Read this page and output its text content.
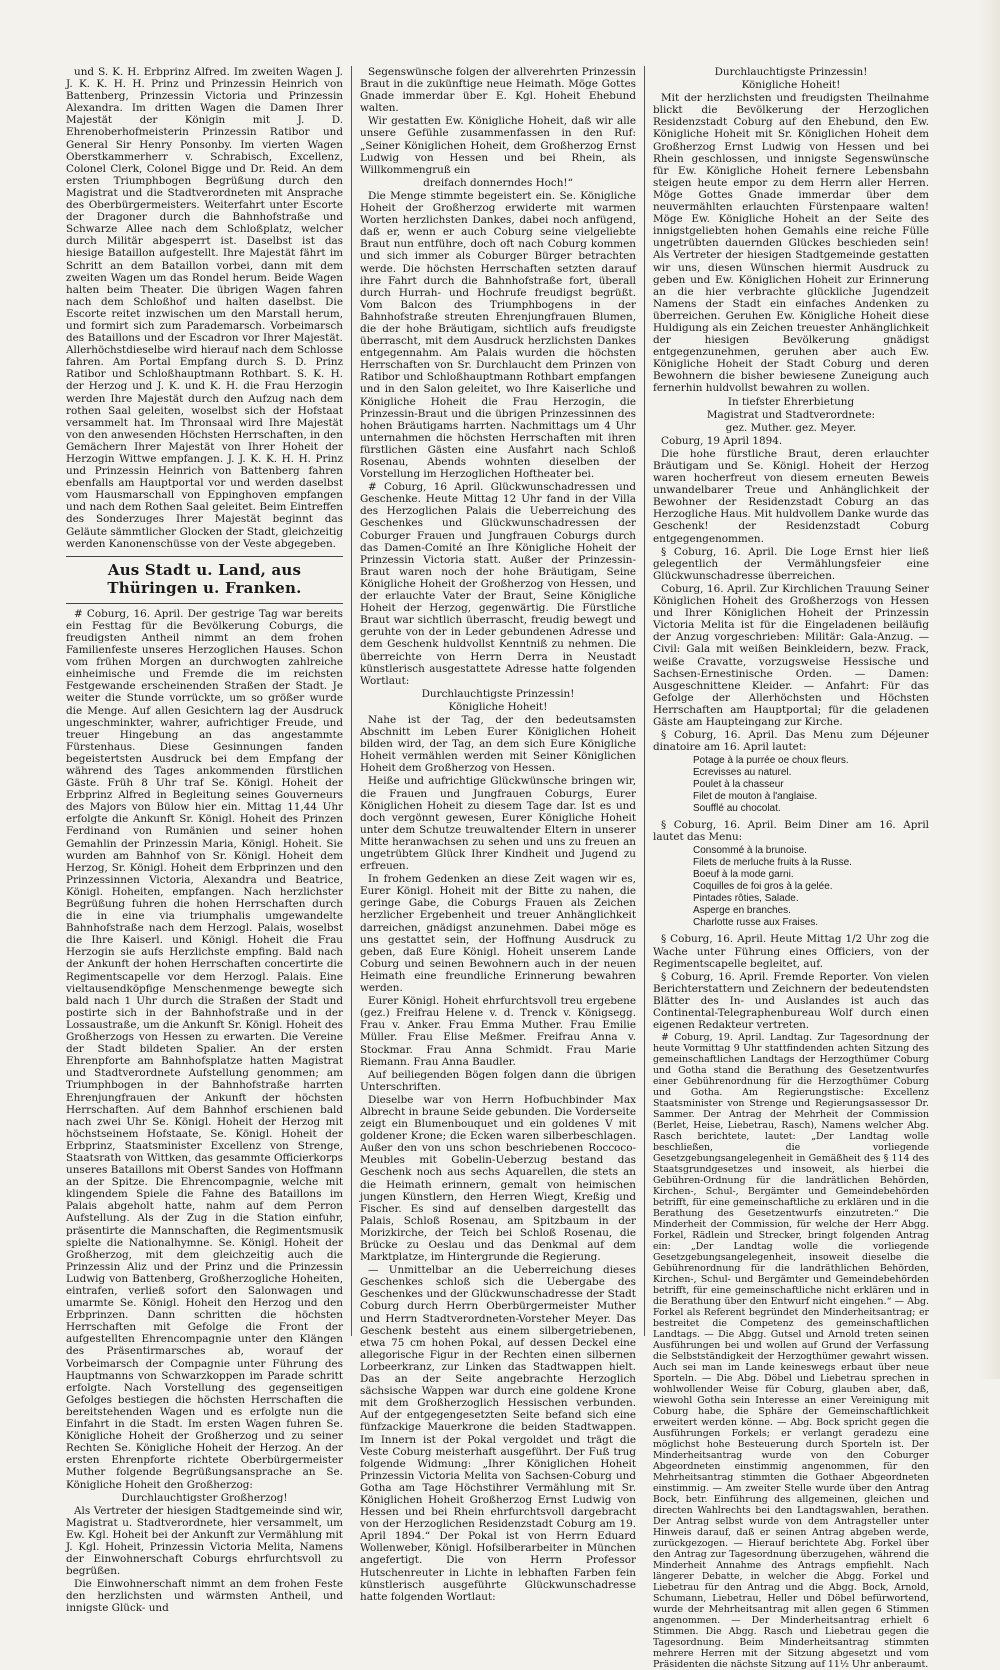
und S. K. H. Erbprinz Alfred. Im zweiten Wagen J. J. K. K. H. H. Prinz und Prinzessin Heinrich von Battenberg, Prinzessin Victoria und Prinzessin Alexandra. Im dritten Wagen die Damen Ihrer Majestät der Königin mit J. D. Ehrenoberhofmeisterin Prinzessin Ratibor und General Sir Henry Ponsonby. Im vierten Wagen Oberstkammerherr v. Schrabisch, Excellenz, Colonel Clerk, Colonel Bigge und Dr. Reid. An dem ersten Triumphbogen Begrüßung durch den Magistrat und die Stadtverordneten mit Ansprache des Oberbürgermeisters. Weiterfahrt unter Escorte der Dragoner durch die Bahnhofstraße und Schwarze Allee nach dem Schloßplatz, welcher durch Militär abgesperrt ist. Daselbst ist das hiesige Bataillon aufgestellt. Ihre Majestät fährt im Schritt an dem Bataillon vorbei, dann mit dem zweiten Wagen um das Rondel herum. Beide Wagen halten beim Theater. Die übrigen Wagen fahren nach dem Schloßhof und halten daselbst. Die Escorte reitet inzwischen um den Marstall herum, und formirt sich zum Parademarsch. Vorbeimarsch des Bataillons und der Escadron vor Ihrer Majestät. Allerhöchstdieselbe wird hierauf nach dem Schlosse fahren. Am Portal Empfang durch S. D. Prinz Ratibor und Schloßhauptmann Rothbart. S. K. H. der Herzog und J. K. und K. H. die Frau Herzogin werden Ihre Majestät durch den Aufzug nach dem rothen Saal geleiten, woselbst sich der Hofstaat versammelt hat. Im Thronsaal wird Ihre Majestät von den anwesenden Höchsten Herrschaften, in den Gemächern Ihrer Majestät von Ihrer Hoheit der Herzogin Wittwe empfangen. J. J. K. K. H. H. Prinz und Prinzessin Heinrich von Battenberg fahren ebenfalls am Hauptportal vor und werden daselbst vom Hausmarschall von Eppinghoven empfangen und nach dem Rothen Saal geleitet. Beim Eintreffen des Sonderzuges Ihrer Majestät beginnt das Geläute sämmtlicher Glocken der Stadt, gleichzeitig werden Kanonenschüsse von der Veste abgegeben.

Aus Stadt u. Land, aus Thüringen u. Franken.

# Coburg, 16. April. Der gestrige Tag war bereits ein Festtag für die Bevölkerung Coburgs, die freudigsten Antheil nimmt an dem frohen Familienfeste unseres Herzoglichen Hauses. Schon vom frühen Morgen an durchwogten zahlreiche einheimische und Fremde die im reichsten Festgewande erscheinenden Straßen der Stadt. Je weiter die Stunde vorrückte, um so größer wurde die Menge. Auf allen Gesichtern lag der Ausdruck ungeschminkter, wahrer, aufrichtiger Freude, und treuer Hingebung an das angestammte Fürstenhaus. Diese Gesinnungen fanden begeistertsten Ausdruck bei dem Empfang der während des Tages ankommenden fürstlichen Gäste. Früh 8 Uhr traf Se. Königl. Hoheit der Erbprinz Alfred in Begleitung seines Gouverneurs des Majors von Bülow hier ein. Mittag 11,44 Uhr erfolgte die Ankunft Sr. Königl. Hoheit des Prinzen Ferdinand von Rumänien und seiner hohen Gemahlin der Prinzessin Maria, Königl. Hoheit. Sie wurden am Bahnhof von Sr. Königl. Hoheit dem Herzog, Sr. Königl. Hoheit dem Erbprinzen und den Prinzessinnen Victoria, Alexandra und Beatrice, Königl. Hoheiten, empfangen. Nach herzlichster Begrüßung fuhren die hohen Herrschaften durch die in eine via triumphalis umgewandelte Bahnhofstraße nach dem Herzogl. Palais, woselbst die Ihre Kaiserl. und Königl. Hoheit die Frau Herzogin sie aufs Herzlichste empfing. Bald nach der Ankunft der hohen Herrschaften concertirte die Regimentscapelle vor dem Herzogl. Palais. Eine vieltausendköpfige Menschenmenge bewegte sich bald nach 1 Uhr durch die Straßen der Stadt und postirte sich in der Bahnhofstraße und in der Lossaustraße, um die Ankunft Sr. Königl. Hoheit des Großherzogs von Hessen zu erwarten. Die Vereine der Stadt bildeten Spalier. An der ersten Ehrenpforte am Bahnhofsplatze hatten Magistrat und Stadtverordnete Aufstellung genommen; am Triumphbogen in der Bahnhofstraße harrten Ehrenjungfrauen der Ankunft der höchsten Herrschaften. Auf dem Bahnhof erschienen bald nach zwei Uhr Se. Königl. Hoheit der Herzog mit höchstseinem Hofstaate, Se. Königl. Hoheit der Erbprinz, Staatsminister Excellenz von Strenge, Staatsrath von Wittken, das gesammte Officierkorps unseres Bataillons mit Oberst Sandes von Hoffmann an der Spitze. Die Ehrencompagnie, welche mit klingendem Spiele die Fahne des Bataillons im Palais abgeholt hatte, nahm auf dem Perron Aufstellung. Als der Zug in die Station einfuhr, präsentirte die Mannschaften, die Regimentsmusik spielte die Nationalhymne. Se. Königl. Hoheit der Großherzog, mit dem gleichzeitig auch die Prinzessin Aliz und der Prinz und die Prinzessin Ludwig von Battenberg, Großherzogliche Hoheiten, eintrafen, verließ sofort den Salonwagen und umarmte Se. Königl. Hoheit den Herzog und den Erbprinzen. Dann schritten die höchsten Herrschaften mit Gefolge die Front der aufgestellten Ehrencompagnie unter den Klängen des Präsentirmarsches ab, worauf der Vorbeimarsch der Compagnie unter Führung des Hauptmanns von Schwarzkoppen im Parade schritt erfolgte. Nach Vorstellung des gegenseitigen Gefolges bestiegen die höchsten Herrschaften die bereitstehenden Wagen und es erfolgte nun die Einfahrt in die Stadt. Im ersten Wagen fuhren Se. Königliche Hoheit der Großherzog und zu seiner Rechten Se. Königliche Hoheit der Herzog. An der ersten Ehrenpforte richtete Oberbürgermeister Muther folgende Begrüßungsansprache an Se. Königliche Hoheit den Großherzog:

Durchlauchtigster Großherzog!

Als Vertreter der hiesigen Stadtgemeinde sind wir, Magistrat u. Stadtverordnete, hier versammelt, um Ew. Kgl. Hoheit bei der Ankunft zur Vermählung mit J. Kgl. Hoheit, Prinzessin Victoria Melita, Namens der Einwohnerschaft Coburgs ehrfurchtsvoll zu begrüßen.

Die Einwohnerschaft nimmt an dem frohen Feste den herzlichsten und wärmsten Antheil, und innigste Glück- und

Segenswünsche folgen der allverehrten Prinzessin Braut in die zukünftige neue Heimath. Möge Gottes Gnade immerdar über E. Kgl. Hoheit Ehebund walten.

Wir gestatten Ew. Königliche Hoheit, daß wir alle unsere Gefühle zusammenfassen in den Ruf: „Seiner Königlichen Hoheit, dem Großherzog Ernst Ludwig von Hessen und bei Rhein, als Willkommengruß ein

dreifach donnerndes Hoch!“

Die Menge stimmte begeistert ein. Se. Königliche Hoheit der Großherzog erwiderte mit warmen Worten herzlichsten Dankes, dabei noch anfügend, daß er, wenn er auch Coburg seine vielgeliebte Braut nun entführe, doch oft nach Coburg kommen und sich immer als Coburger Bürger betrachten werde. Die höchsten Herrschaften setzten darauf ihre Fahrt durch die Bahnhofstraße fort, überall durch Hurrah- und Hochrufe freudigst begrüßt. Vom Balcon des Triumphbogens in der Bahnhofstraße streuten Ehrenjungfrauen Blumen, die der hohe Bräutigam, sichtlich aufs freudigste überrascht, mit dem Ausdruck herzlichsten Dankes entgegennahm. Am Palais wurden die höchsten Herrschaften von Sr. Durchlaucht dem Prinzen von Ratibor und Schloßhauptmann Rothbart empfangen und in den Salon geleitet, wo Ihre Kaiserliche und Königliche Hoheit die Frau Herzogin, die Prinzessin-Braut und die übrigen Prinzessinnen des hohen Bräutigams harrten. Nachmittags um 4 Uhr unternahmen die höchsten Herrschaften mit ihren fürstlichen Gästen eine Ausfahrt nach Schloß Rosenau, Abends wohnten dieselben der Vorstellung im Herzoglichen Hoftheater bei.

# Coburg, 16 April. Glückwunschadressen und Geschenke. Heute Mittag 12 Uhr fand in der Villa des Herzoglichen Palais die Ueberreichung des Geschenkes und Glückwunschadressen der Coburger Frauen und Jungfrauen Coburgs durch das Damen-Comité an Ihre Königliche Hoheit der Prinzessin Victoria statt. Außer der Prinzessin-Braut waren noch der hohe Bräutigam, Seine Königliche Hoheit der Großherzog von Hessen, und der erlauchte Vater der Braut, Seine Königliche Hoheit der Herzog, gegenwärtig. Die Fürstliche Braut war sichtlich überrascht, freudig bewegt und geruhte von der in Leder gebundenen Adresse und dem Geschenk huldvollst Kenntniß zu nehmen. Die überreichte von Herrn Derra in Neustadt künstlerisch ausgestattete Adresse hatte folgenden Wortlaut:

Durchlauchtigste Prinzessin!

Königliche Hoheit!

Nahe ist der Tag, der den bedeutsamsten Abschnitt im Leben Eurer Königlichen Hoheit bilden wird, der Tag, an dem sich Eure Königliche Hoheit vermählen werden mit Seiner Königlichen Hoheit dem Großherzog von Hessen.

Heiße und aufrichtige Glückwünsche bringen wir, die Frauen und Jungfrauen Coburgs, Eurer Königlichen Hoheit zu diesem Tage dar. Ist es und doch vergönnt gewesen, Eurer Königliche Hoheit unter dem Schutze treuwaltender Eltern in unserer Mitte heranwachsen zu sehen und uns zu freuen an ungetrübtem Glück Ihrer Kindheit und Jugend zu erfreuen.

In frohem Gedenken an diese Zeit wagen wir es, Eurer Königl. Hoheit mit der Bitte zu nahen, die geringe Gabe, die Coburgs Frauen als Zeichen herzlicher Ergebenheit und treuer Anhänglichkeit darreichen, gnädigst anzunehmen. Dabei möge es uns gestattet sein, der Hoffnung Ausdruck zu geben, daß Eure Königl. Hoheit unserem Lande Coburg und seinen Bewohnern auch in der neuen Heimath eine freundliche Erinnerung bewahren werden.

Eurer Königl. Hoheit ehrfurchtsvoll treu ergebene (gez.) Freifrau Helene v. d. Trenck v. Königsegg. Frau v. Anker. Frau Emma Muther. Frau Emilie Müller. Frau Elise Meßmer. Freifrau Anna v. Stockmar. Frau Anna Schmidt. Frau Marie Riemann. Frau Anna Baudler.

Auf beiliegenden Bögen folgen dann die übrigen Unterschriften.

Dieselbe war von Herrn Hofbuchbinder Max Albrecht in braune Seide gebunden. Die Vorderseite zeigt ein Blumenbouquet und ein goldenes V mit goldener Krone; die Ecken waren silberbeschlagen. Außer den von uns schon beschriebenen Roccoco-Meubles mit Gobelin-Ueberzug bestand das Geschenk noch aus sechs Aquarellen, die stets an die Heimath erinnern, gemalt von heimischen jungen Künstlern, den Herren Wiegt, Kreßig und Fischer. Es sind auf denselben dargestellt das Palais, Schloß Rosenau, am Spitzbaum in der Morizkirche, der Teich bei Schloß Rosenau, die Brücke zu Oeslau und das Denkmal auf dem Marktplatze, im Hintergrunde die Regierung.

— Unmittelbar an die Ueberreichung dieses Geschenkes schloß sich die Uebergabe des Geschenkes und der Glückwunschadresse der Stadt Coburg durch Herrn Oberbürgermeister Muther und Herrn Stadtverordneten-Vorsteher Meyer. Das Geschenk besteht aus einem silbergetriebenen, etwa 75 cm hohen Pokal, auf dessen Deckel eine allegorische Figur in der Rechten einen silbernen Lorbeerkranz, zur Linken das Stadtwappen hielt. Das an der Seite angebrachte Herzoglich sächsische Wappen war durch eine goldene Krone mit dem Großherzoglich Hessischen verbunden. Auf der entgegengesetzten Seite befand sich eine fünfzackige Mauerkrone die beiden Stadtwappen. Im Innern ist der Pokal vergoldet und trägt die Veste Coburg meisterhaft ausgeführt. Der Fuß trug folgende Widmung: „Ihrer Königlichen Hoheit Prinzessin Victoria Melita von Sachsen-Coburg und Gotha am Tage Höchstihrer Vermählung mit Sr. Königlichen Hoheit Großherzog Ernst Ludwig von Hessen und bei Rhein ehrfurchtsvoll dargebracht von der Herzoglichen Residenzstadt Coburg am 19. April 1894.“ Der Pokal ist von Herrn Eduard Wollenweber, Königl. Hofsilberarbeiter in München angefertigt. Die von Herrn Professor Hutschenreuter in Lichte in lebhaften Farben fein künstlerisch ausgeführte Glückwunschadresse hatte folgenden Wortlaut:

Durchlauchtigste Prinzessin!

Königliche Hoheit!

Mit der herzlichsten und freudigsten Theilnahme blickt die Bevölkerung der Herzoglichen Residenzstadt Coburg auf den Ehebund, den Ew. Königliche Hoheit mit Sr. Königlichen Hoheit dem Großherzog Ernst Ludwig von Hessen und bei Rhein geschlossen, und innigste Segenswünsche für Ew. Königliche Hoheit fernere Lebensbahn steigen heute empor zu dem Herrn aller Herren. Möge Gottes Gnade immerdar über dem neuvermählten erlauchten Fürstenpaare walten! Möge Ew. Königliche Hoheit an der Seite des innigstgeliebten hohen Gemahls eine reiche Fülle ungetrübten dauernden Glückes beschieden sein! Als Vertreter der hiesigen Stadtgemeinde gestatten wir uns, diesen Wünschen hiermit Ausdruck zu geben und Ew. Königlichen Hoheit zur Erinnerung an die hier verbrachte glückliche Jugendzeit Namens der Stadt ein einfaches Andenken zu überreichen. Geruhen Ew. Königliche Hoheit diese Huldigung als ein Zeichen treuester Anhänglichkeit der hiesigen Bevölkerung gnädigst entgegenzunehmen, geruhen aber auch Ew. Königliche Hoheit der Stadt Coburg und deren Bewohnern die bisher bewiesene Zuneigung auch fernerhin huldvollst bewahren zu wollen.

In tiefster Ehrerbietung

Magistrat und Stadtverordnete:

gez. Muther. gez. Meyer.

Coburg, 19 April 1894.

Die hohe fürstliche Braut, deren erlauchter Bräutigam und Se. Königl. Hoheit der Herzog waren hocherfreut von diesem erneuten Beweis unwandelbarer Treue und Anhänglichkeit der Bewohner der Residenzstadt Coburg an das Herzogliche Haus. Mit huldvollem Danke wurde das Geschenk! der Residenzstadt Coburg entgegengenommen.

§ Coburg, 16. April. Die Loge Ernst hier ließ gelegentlich der Vermählungsfeier eine Glückwunschadresse überreichen.

Coburg, 16. April. Zur Kirchlichen Trauung Seiner Königlichen Hoheit des Großherzogs von Hessen und Ihrer Königlichen Hoheit der Prinzessin Victoria Melita ist für die Eingeladenen beiläufig der Anzug vorgeschrieben: Militär: Gala-Anzug. — Civil: Gala mit weißen Beinkleidern, bezw. Frack, weiße Cravatte, vorzugsweise Hessische und Sachsen-Ernestinische Orden. — Damen: Ausgeschnittene Kleider. — Anfahrt: Für das Gefolge der Allerhöchsten und Höchsten Herrschaften am Hauptportal; für die geladenen Gäste am Haupteingang zur Kirche.

§ Coburg, 16. April. Das Menu zum Déjeuner dinatoire am 16. April lautet:

Potage à la purrée oe choux fleurs.
Ecrevisses au naturel.
Poulet à la chasseur
Filet de mouton à l'anglaise.
Soufflé au chocolat.

§ Coburg, 16. April. Beim Diner am 16. April lautet das Menu:

Consommé à la brunoise.
Filets de merluche fruits à la Russe.
Boeuf à la mode garni.
Coquilles de foi gros à la gelée.
Pintades rôties, Salade.
Asperge en branches.
Charlotte russe aux Fraises.

§ Coburg, 16. April. Heute Mittag 1/2 Uhr zog die Wache unter Führung eines Officiers, von der Regimentscapelle begleitet, auf.

§ Coburg, 16. April. Fremde Reporter. Von vielen Berichterstattern und Zeichnern der bedeutendsten Blätter des In- und Auslandes ist auch das Continental-Telegraphenbureau Wolf durch einen eigenen Redakteur vertreten.

# Coburg, 19. April. Landtag. Zur Tagesordnung der heute Vormittag 9 Uhr stattfindenden achten Sitzung des gemeinschaftlichen Landtags der Herzogthümer Coburg und Gotha stand die Berathung des Gesetzentwurfes einer Gebührenordnung für die Herzogthümer Coburg und Gotha. Am Regierungstische: Excellenz Staatsminister von Strenge und Regierungsassessor Dr. Sammer. Der Antrag der Mehrheit der Commission (Berlet, Heise, Liebetrau, Rasch), Namens welcher Abg. Rasch berichtete, lautet: „Der Landtag wolle beschließen, die vorliegende Gesetzgebungsangelegenheit in Gemäßheit des § 114 des Staatsgrundgesetzes und insoweit, als hierbei die Gebühren-Ordnung für die landrätlichen Behörden, Kirchen-, Schul-, Bergämter und Gemeindebehörden betrifft, für eine gemeinschaftliche zu erklären und in die Berathung des Gesetzentwurfs einzutreten.“ Die Minderheit der Commission, für welche der Herr Abgg. Forkel, Rädlein und Strecker, bringt folgenden Antrag ein: „Der Landtag wolle die vorliegende Gesetzgebungsangelegenheit, insoweit dieselbe die Gebührenordnung für die landräthlichen Behörden, Kirchen-, Schul- und Bergämter und Gemeindebehörden betrifft, für eine gemeinschaftliche nicht erklären und in die Berathung über den Entwurf nicht eingehen.“ — Abg. Forkel als Referent begründet den Minderheitsantrag; er bestreitet die Competenz des gemeinschaftlichen Landtags. — Die Abgg. Gutsel und Arnold treten seinen Ausführungen bei und wollen auf Grund der Verfassung die Selbstständigkeit der Herzogthümer gewahrt wissen. Auch sei man im Lande keineswegs erbaut über neue Sporteln. — Die Abg. Döbel und Liebetrau sprechen in wohlwollender Weise für Coburg, glauben aber, daß, wiewohl Gotha sein Interesse an einer Vereinigung mit Coburg habe, die Sphäre der Gemeinschaftlichkeit erweitert werden könne. — Abg. Bock spricht gegen die Ausführungen Forkels; er verlangt geradezu eine möglichst hohe Besteuerung durch Sporteln ist. Der Minderheitsantrag wurde von den Coburger Abgeordneten einstimmig angenommen, für den Mehrheitsantrag stimmten die Gothaer Abgeordneten einstimmig. — Am zweiter Stelle wurde über den Antrag Bock, betr. Einführung des allgemeinen, gleichen und directen Wahlrechts bei den Landtagswahlen, berathen. Der Antrag selbst wurde von dem Antragsteller unter Hinweis darauf, daß er seinen Antrag abgeben werde, zurückgezogen. — Hierauf berichtete Abg. Forkel über den Antrag zur Tagesordnung überzugehen, während die Minderheit Annahme des Antrags empfiehlt. Nach längerer Debatte, in welcher die Abgg. Forkel und Liebetrau für den Antrag und die Abgg. Bock, Arnold, Schumann, Liebetrau, Heller und Döbel befürwortend, wurde der Mehrheitsantrag mit allen gegen 6 Stimmen angenommen. — Der Minderheitsantrag erhielt 6 Stimmen. Die Abgg. Rasch und Liebetrau gegen die Tagesordnung. Beim Minderheitsantrag stimmten mehrere Herren mit der Sitzung abgesetzt und vom Präsidenten die nächste Sitzung auf 11½ Uhr anberaumt.
